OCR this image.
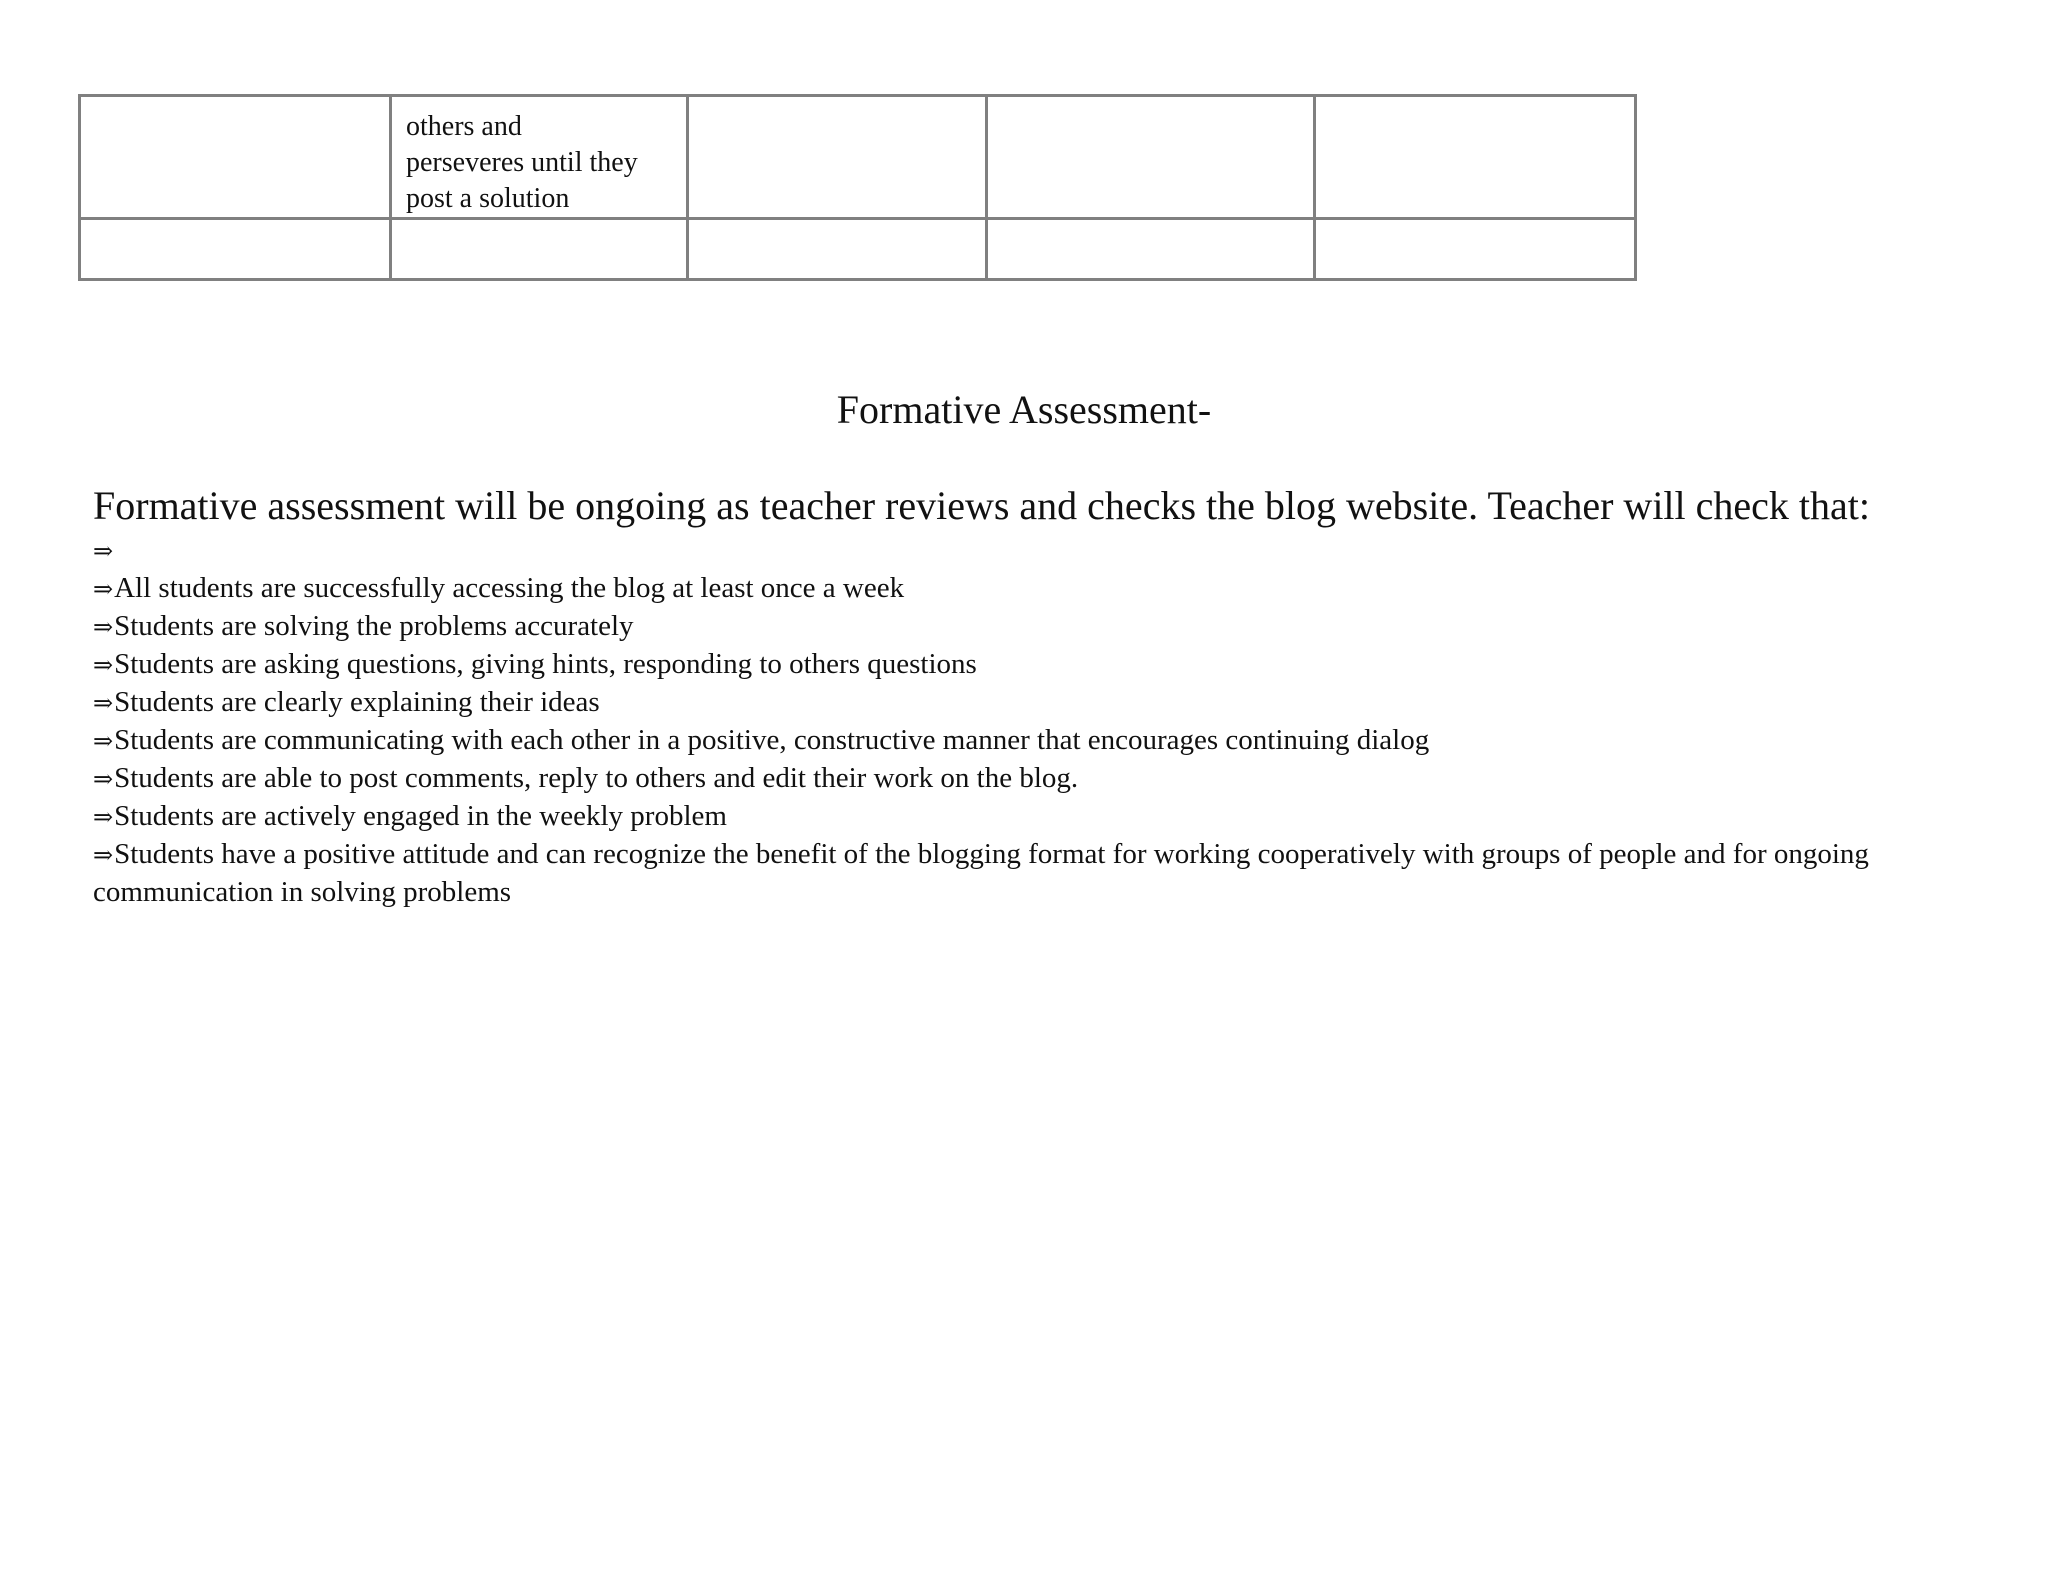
	others and
perseveres until they
post a solution			

Formative Assessment-
Formative assessment will be ongoing as teacher reviews and checks the blog website. Teacher will check that:
⇒
⇒All students are successfully accessing the blog at least once a week
⇒Students are solving the problems accurately
⇒Students are asking questions, giving hints, responding to others questions
⇒Students are clearly explaining their ideas
⇒Students are communicating with each other in a positive, constructive manner that encourages continuing dialog
⇒Students are able to post comments, reply to others and edit their work on the blog.
⇒Students are actively engaged in the weekly problem
⇒Students have a positive attitude and can recognize the benefit of the blogging format for working cooperatively with groups of people and for ongoing communication in solving problems
